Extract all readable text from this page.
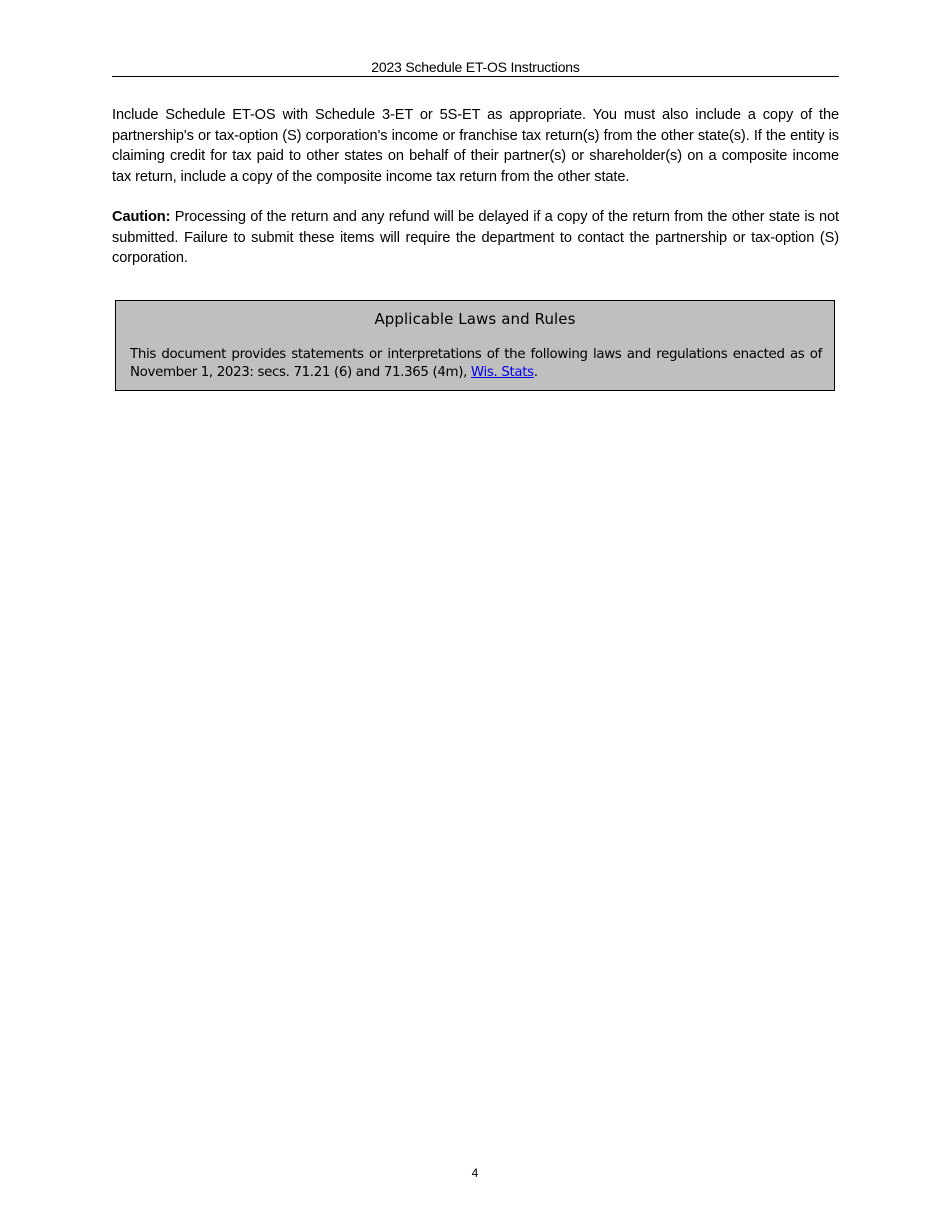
2023 Schedule ET-OS Instructions

Include Schedule ET-OS with Schedule 3-ET or 5S-ET as appropriate. You must also include a copy of the partnership's or tax-option (S) corporation's income or franchise tax return(s) from the other state(s). If the entity is claiming credit for tax paid to other states on behalf of their partner(s) or shareholder(s) on a composite income tax return, include a copy of the composite income tax return from the other state.

Caution: Processing of the return and any refund will be delayed if a copy of the return from the other state is not submitted. Failure to submit these items will require the department to contact the partnership or tax-option (S) corporation.

Applicable Laws and Rules
This document provides statements or interpretations of the following laws and regulations enacted as of November 1, 2023: secs. 71.21 (6) and 71.365 (4m), Wis. Stats.
4
